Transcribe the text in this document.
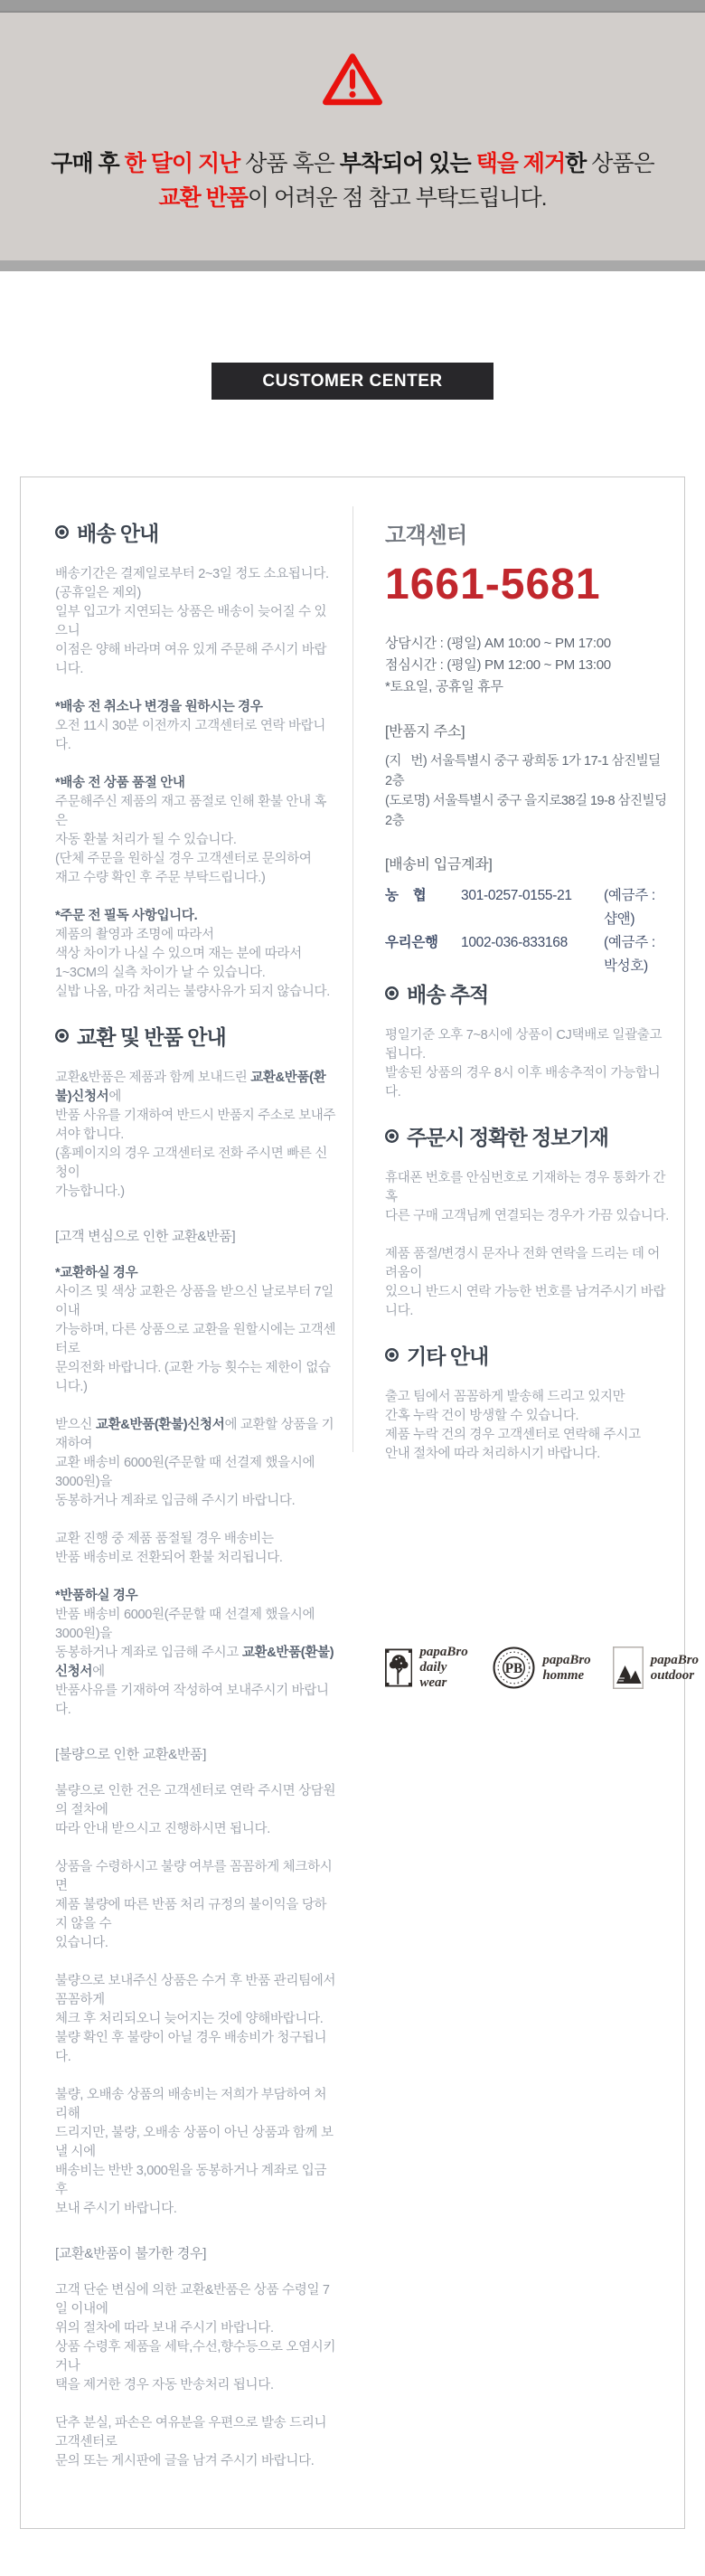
구매 후 한 달이 지난 상품 혹은 부착되어 있는 택을 제거한 상품은
교환 반품이 어려운 점 참고 부탁드립니다.
CUSTOMER CENTER
배송 안내

배송기간은 결제일로부터 2~3일 정도 소요됩니다.
(공휴일은 제외)
일부 입고가 지연되는 상품은 배송이 늦어질 수 있으니
이점은 양해 바라며 여유 있게 주문해 주시기 바랍니다.

*배송 전 취소나 변경을 원하시는 경우

오전 11시 30분 이전까지 고객센터로 연락 바랍니다.

*배송 전 상품 품절 안내

주문해주신 제품의 재고 품절로 인해 환불 안내 혹은
자동 환불 처리가 될 수 있습니다.
(단체 주문을 원하실 경우 고객센터로 문의하여
재고 수량 확인 후 주문 부탁드립니다.)

*주문 전 필독 사항입니다.

제품의 촬영과 조명에 따라서
색상 차이가 나실 수 있으며 재는 분에 따라서
1~3CM의 실측 차이가 날 수 있습니다.
실밥 나옴, 마감 처리는 불량사유가 되지 않습니다.

교환 및 반품 안내

교환&반품은 제품과 함께 보내드린 교환&반품(환불)신청서에
반품 사유를 기재하여 반드시 반품지 주소로 보내주셔야 합니다.
(홈페이지의 경우 고객센터로 전화 주시면 빠른 신청이
가능합니다.)

[고객 변심으로 인한 교환&반품]

*교환하실 경우

사이즈 및 색상 교환은 상품을 받으신 날로부터 7일 이내
가능하며, 다른 상품으로 교환을 원할시에는 고객센터로
문의전화 바랍니다. (교환 가능 횟수는 제한이 없습니다.)

받으신 교환&반품(환불)신청서에 교환할 상품을 기재하여
교환 배송비 6000원(주문할 때 선결제 했을시에 3000원)을
동봉하거나 계좌로 입금해 주시기 바랍니다.

교환 진행 중 제품 품절될 경우 배송비는
반품 배송비로 전환되어 환불 처리됩니다.

*반품하실 경우

반품 배송비 6000원(주문할 때 선결제 했을시에 3000원)을
동봉하거나 계좌로 입금해 주시고 교환&반품(환불)신청서에
반품사유를 기재하여 작성하여 보내주시기 바랍니다.

[불량으로 인한 교환&반품]

불량으로 인한 건은 고객센터로 연락 주시면 상담원의 절차에
따라 안내 받으시고 진행하시면 됩니다.

상품을 수령하시고 불량 여부를 꼼꼼하게 체크하시면
제품 불량에 따른 반품 처리 규정의 불이익을 당하지 않을 수
있습니다.

불량으로 보내주신 상품은 수거 후 반품 관리팀에서 꼼꼼하게
체크 후 처리되오니 늦어지는 것에 양해바랍니다.
불량 확인 후 불량이 아닐 경우 배송비가 청구됩니다.

불량, 오배송 상품의 배송비는 저희가 부담하여 처리해
드리지만, 불량, 오배송 상품이 아닌 상품과 함께 보낼 시에
배송비는 반반 3,000원을 동봉하거나 계좌로 입금 후
보내 주시기 바랍니다.

[교환&반품이 불가한 경우]

고객 단순 변심에 의한 교환&반품은 상품 수령일 7일 이내에
위의 절차에 따라 보내 주시기 바랍니다.
상품 수령후 제품을 세탁,수선,향수등으로 오염시키거나
택을 제거한 경우 자동 반송처리 됩니다.

단추 분실, 파손은 여유분을 우편으로 발송 드리니 고객센터로
문의 또는 게시판에 글을 남겨 주시기 바랍니다.

고객센터

1661-5681

상담시간 : (평일) AM 10:00 ~ PM 17:00
점심시간 : (평일) PM 12:00 ~ PM 13:00
*토요일, 공휴일 휴무

[반품지 주소]

(지   번) 서울특별시 중구 광희동 1가 17-1 삼진빌딜 2층
(도로명) 서울특별시 중구 을지로38길 19-8 삼진빌딩 2층

[배송비 입금계좌]

농    협	301-0257-0155-21	(예금주 : 샵앤)
우리은행	1002-036-833168	(예금주 : 박성호)
배송 추적

평일기준 오후 7~8시에 상품이 CJ택배로 일괄출고 됩니다.
발송된 상품의 경우 8시 이후 배송추적이 가능합니다.

주문시 정확한 정보기재

휴대폰 번호를 안심번호로 기재하는 경우 통화가 간혹
다른 구매 고객님께 연결되는 경우가 가끔 있습니다.

제품 품절/변경시 문자나 전화 연락을 드리는 데 어려움이
있으니 반드시 연락 가능한 번호를 남겨주시기 바랍니다.

기타 안내

출고 팀에서 꼼꼼하게 발송해 드리고 있지만
간혹 누락 건이 방생할 수 있습니다.
제품 누락 건의 경우 고객센터로 연락해 주시고
안내 절차에 따라 처리하시기 바랍니다.

papaBro
daily wear
PB
papaBro
homme
papaBro
outdoor
